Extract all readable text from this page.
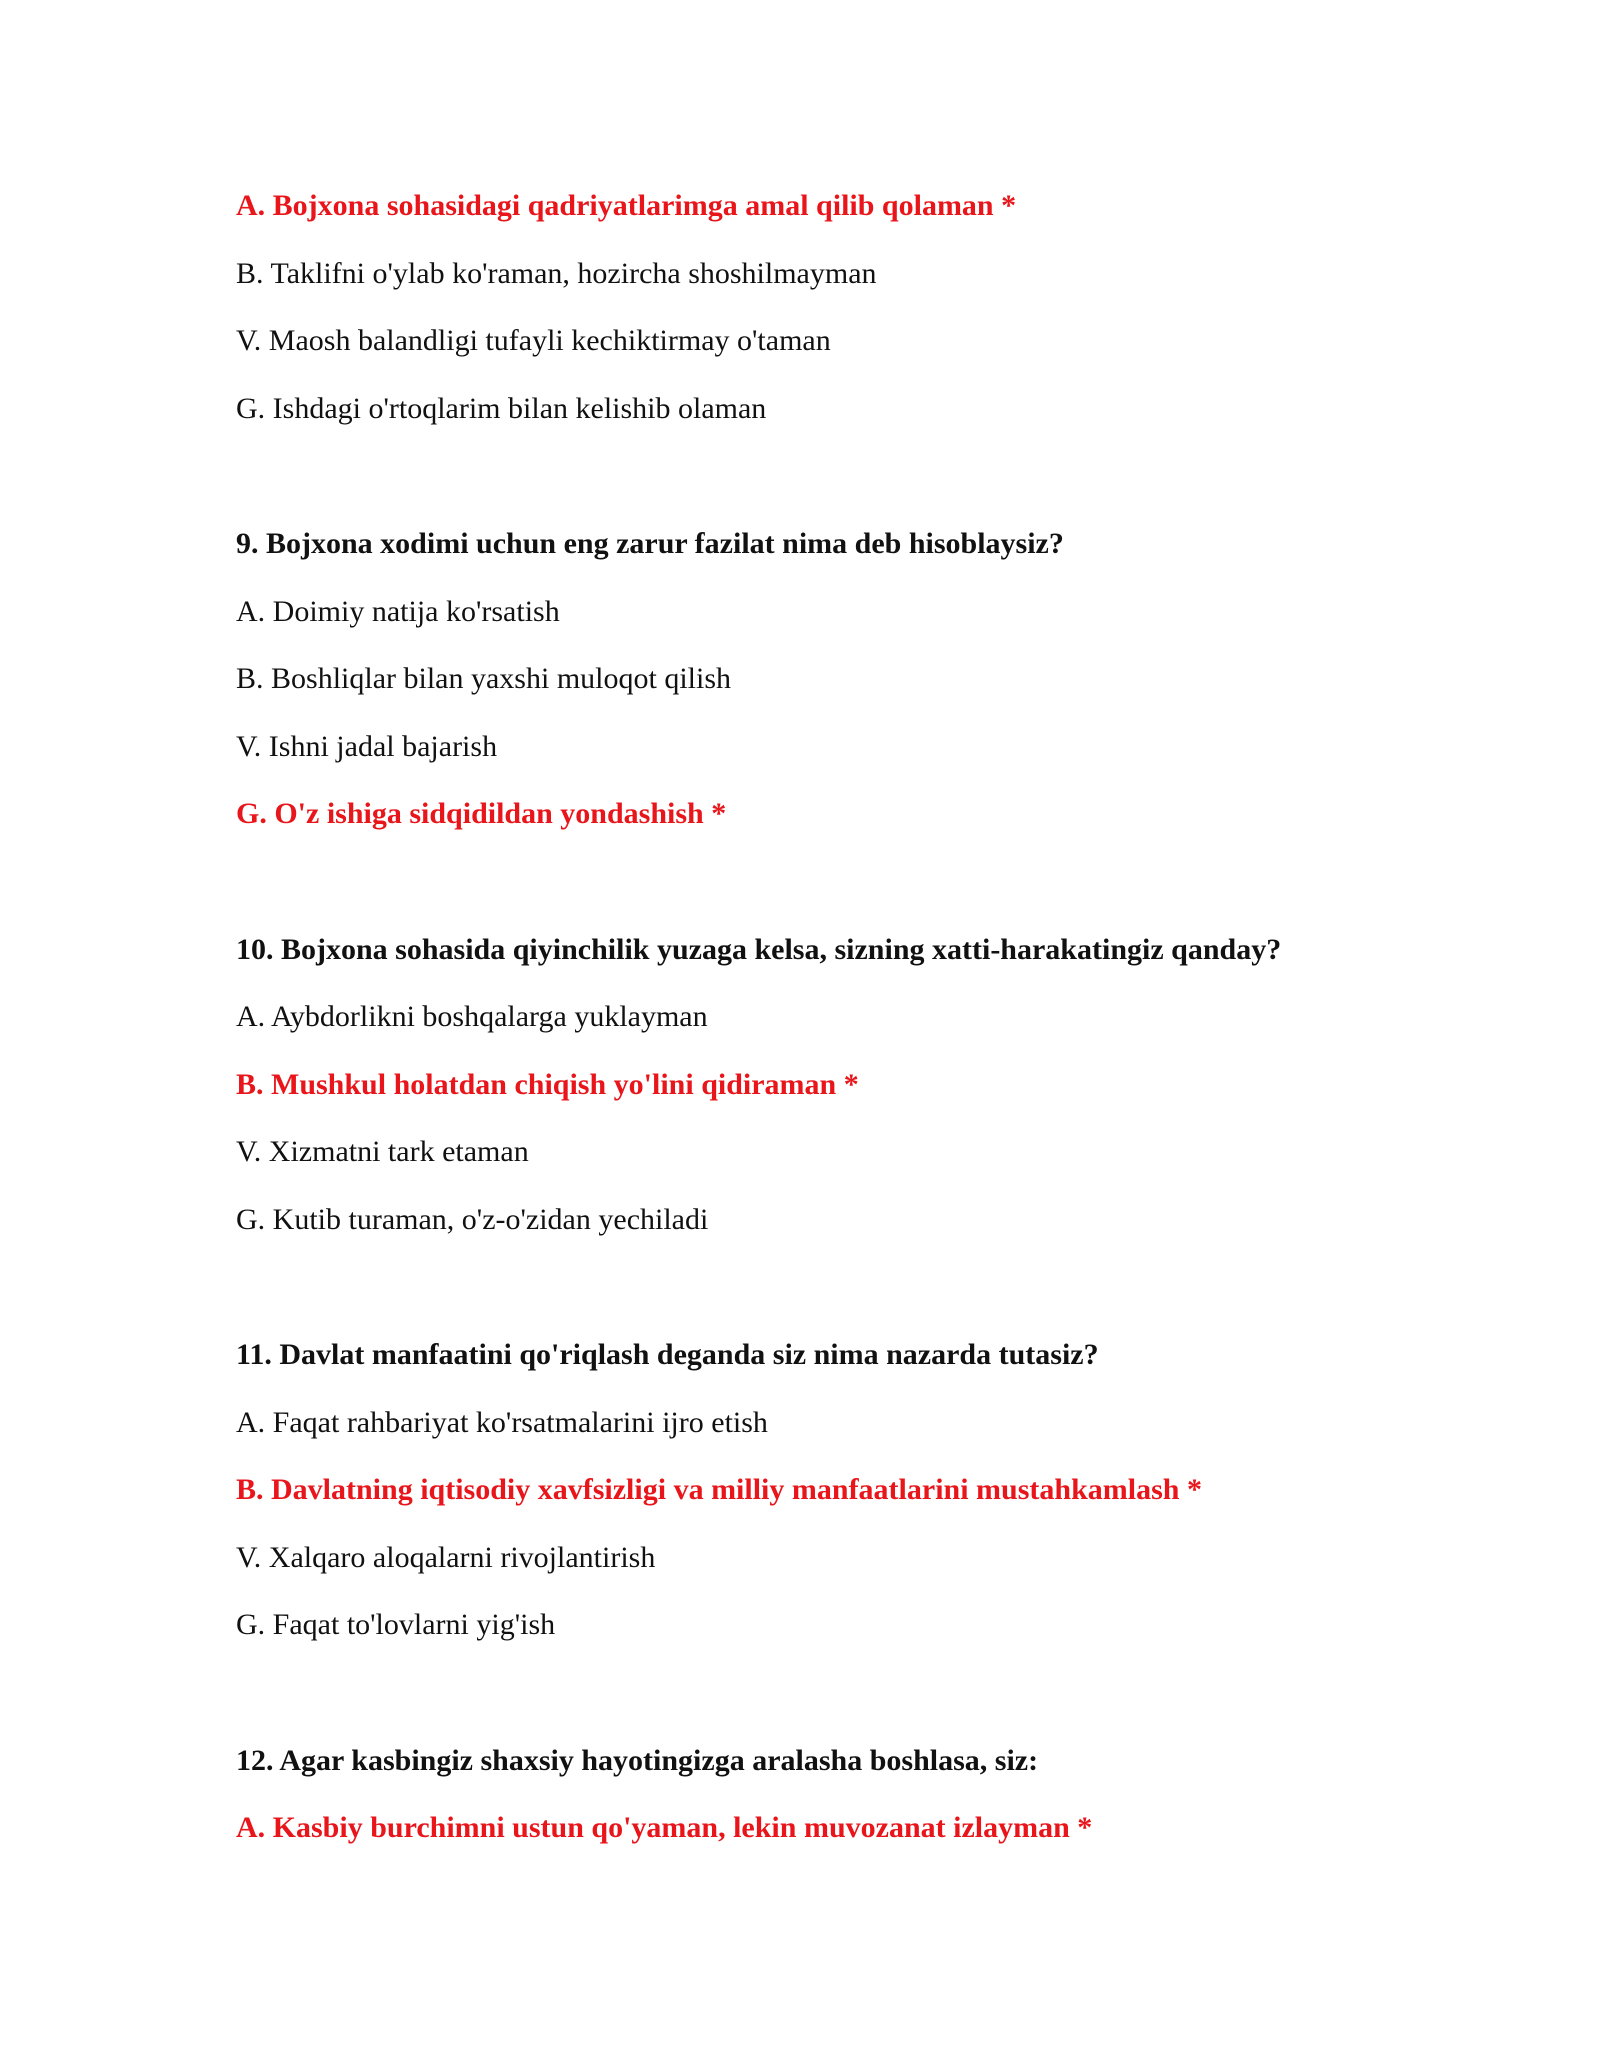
A. Bojxona sohasidagi qadriyatlarimga amal qilib qolaman *
B. Taklifni o'ylab ko'raman, hozircha shoshilmayman
V. Maosh balandligi tufayli kechiktirmay o'taman
G. Ishdagi o'rtoqlarim bilan kelishib olaman
9. Bojxona xodimi uchun eng zarur fazilat nima deb hisoblaysiz?
A. Doimiy natija ko'rsatish
B. Boshliqlar bilan yaxshi muloqot qilish
V. Ishni jadal bajarish
G. O'z ishiga sidqidildan yondashish *
10. Bojxona sohasida qiyinchilik yuzaga kelsa, sizning xatti-harakatingiz qanday?
A. Aybdorlikni boshqalarga yuklayman
B. Mushkul holatdan chiqish yo'lini qidiraman *
V. Xizmatni tark etaman
G. Kutib turaman, o'z-o'zidan yechiladi
11. Davlat manfaatini qo'riqlash deganda siz nima nazarda tutasiz?
A. Faqat rahbariyat ko'rsatmalarini ijro etish
B. Davlatning iqtisodiy xavfsizligi va milliy manfaatlarini mustahkamlash *
V. Xalqaro aloqalarni rivojlantirish
G. Faqat to'lovlarni yig'ish
12. Agar kasbingiz shaxsiy hayotingizga aralasha boshlasa, siz:
A. Kasbiy burchimni ustun qo'yaman, lekin muvozanat izlayman *
